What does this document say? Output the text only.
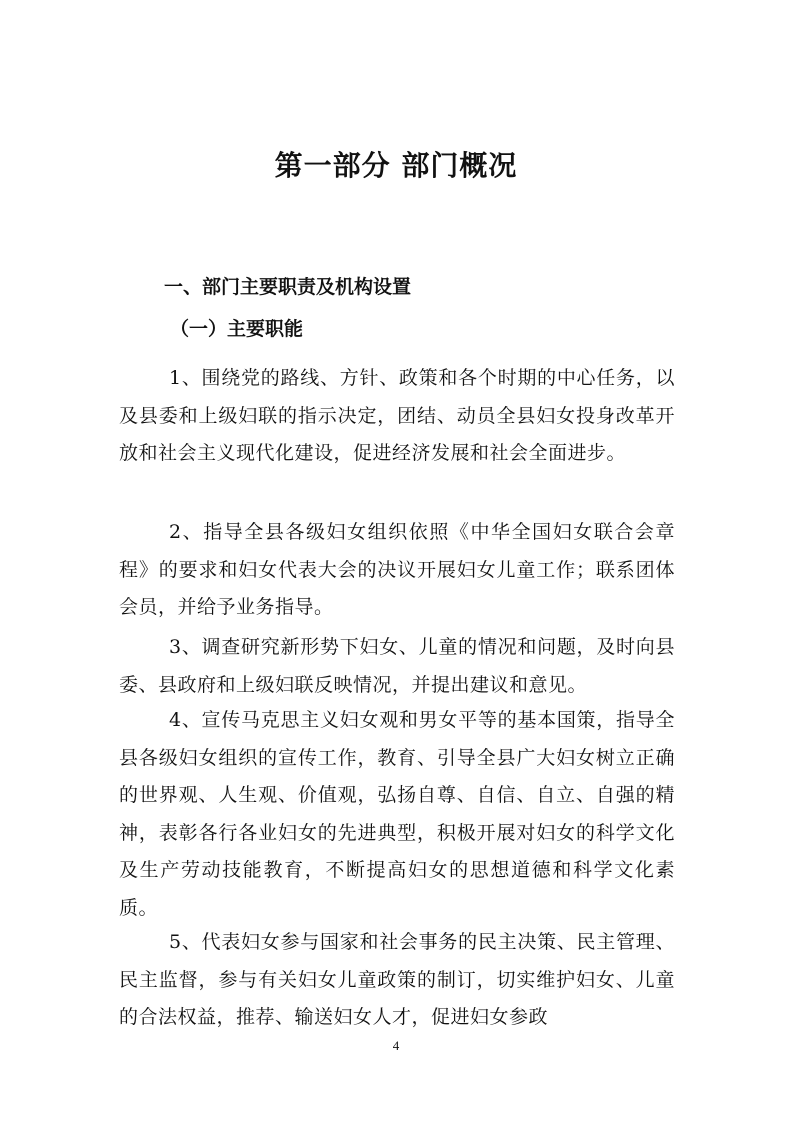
第一部分 部门概况
一、部门主要职责及机构设置
（一）主要职能

1、围绕党的路线、方针、政策和各个时期的中心任务，以及县委和上级妇联的指示决定，团结、动员全县妇女投身改革开放和社会主义现代化建设，促进经济发展和社会全面进步。

2、指导全县各级妇女组织依照《中华全国妇女联合会章程》的要求和妇女代表大会的决议开展妇女儿童工作；联系团体会员，并给予业务指导。

3、调查研究新形势下妇女、儿童的情况和问题，及时向县委、县政府和上级妇联反映情况，并提出建议和意见。

4、宣传马克思主义妇女观和男女平等的基本国策，指导全县各级妇女组织的宣传工作，教育、引导全县广大妇女树立正确的世界观、人生观、价值观，弘扬自尊、自信、自立、自强的精神，表彰各行各业妇女的先进典型，积极开展对妇女的科学文化及生产劳动技能教育，不断提高妇女的思想道德和科学文化素质。

5、代表妇女参与国家和社会事务的民主决策、民主管理、民主监督，参与有关妇女儿童政策的制订，切实维护妇女、儿童的合法权益，推荐、输送妇女人才，促进妇女参政

4
